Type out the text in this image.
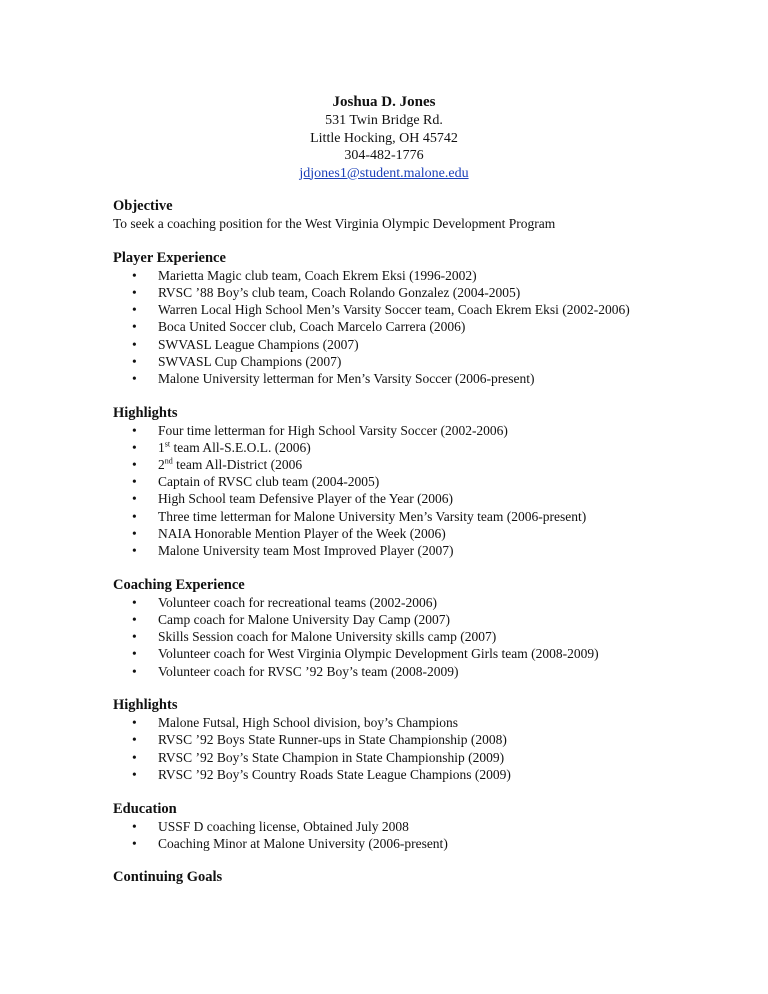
Joshua D. Jones
531 Twin Bridge Rd.
Little Hocking, OH 45742
304-482-1776
jdjones1@student.malone.edu
Objective
To seek a coaching position for the West Virginia Olympic Development Program
Player Experience
• Marietta Magic club team, Coach Ekrem Eksi (1996-2002)
• RVSC ’88 Boy’s club team, Coach Rolando Gonzalez (2004-2005)
• Warren Local High School Men’s Varsity Soccer team, Coach Ekrem Eksi (2002-2006)
• Boca United Soccer club, Coach Marcelo Carrera (2006)
• SWVASL League Champions (2007)
• SWVASL Cup Champions (2007)
• Malone University letterman for Men’s Varsity Soccer (2006-present)
Highlights
• Four time letterman for High School Varsity Soccer (2002-2006)
• 1st team All-S.E.O.L. (2006)
• 2nd team All-District (2006
• Captain of RVSC club team (2004-2005)
• High School team Defensive Player of the Year (2006)
• Three time letterman for Malone University Men’s Varsity team (2006-present)
• NAIA Honorable Mention Player of the Week (2006)
• Malone University team Most Improved Player (2007)
Coaching Experience
• Volunteer coach for recreational teams (2002-2006)
• Camp coach for Malone University Day Camp (2007)
• Skills Session coach for Malone University skills camp (2007)
• Volunteer coach for West Virginia Olympic Development Girls team (2008-2009)
• Volunteer coach for RVSC ’92 Boy’s team (2008-2009)
Highlights
• Malone Futsal, High School division, boy’s Champions
• RVSC ’92 Boys State Runner-ups in State Championship (2008)
• RVSC ’92 Boy’s State Champion in State Championship (2009)
• RVSC ’92 Boy’s Country Roads State League Champions (2009)
Education
• USSF D coaching license, Obtained July 2008
• Coaching Minor at Malone University (2006-present)
Continuing Goals
